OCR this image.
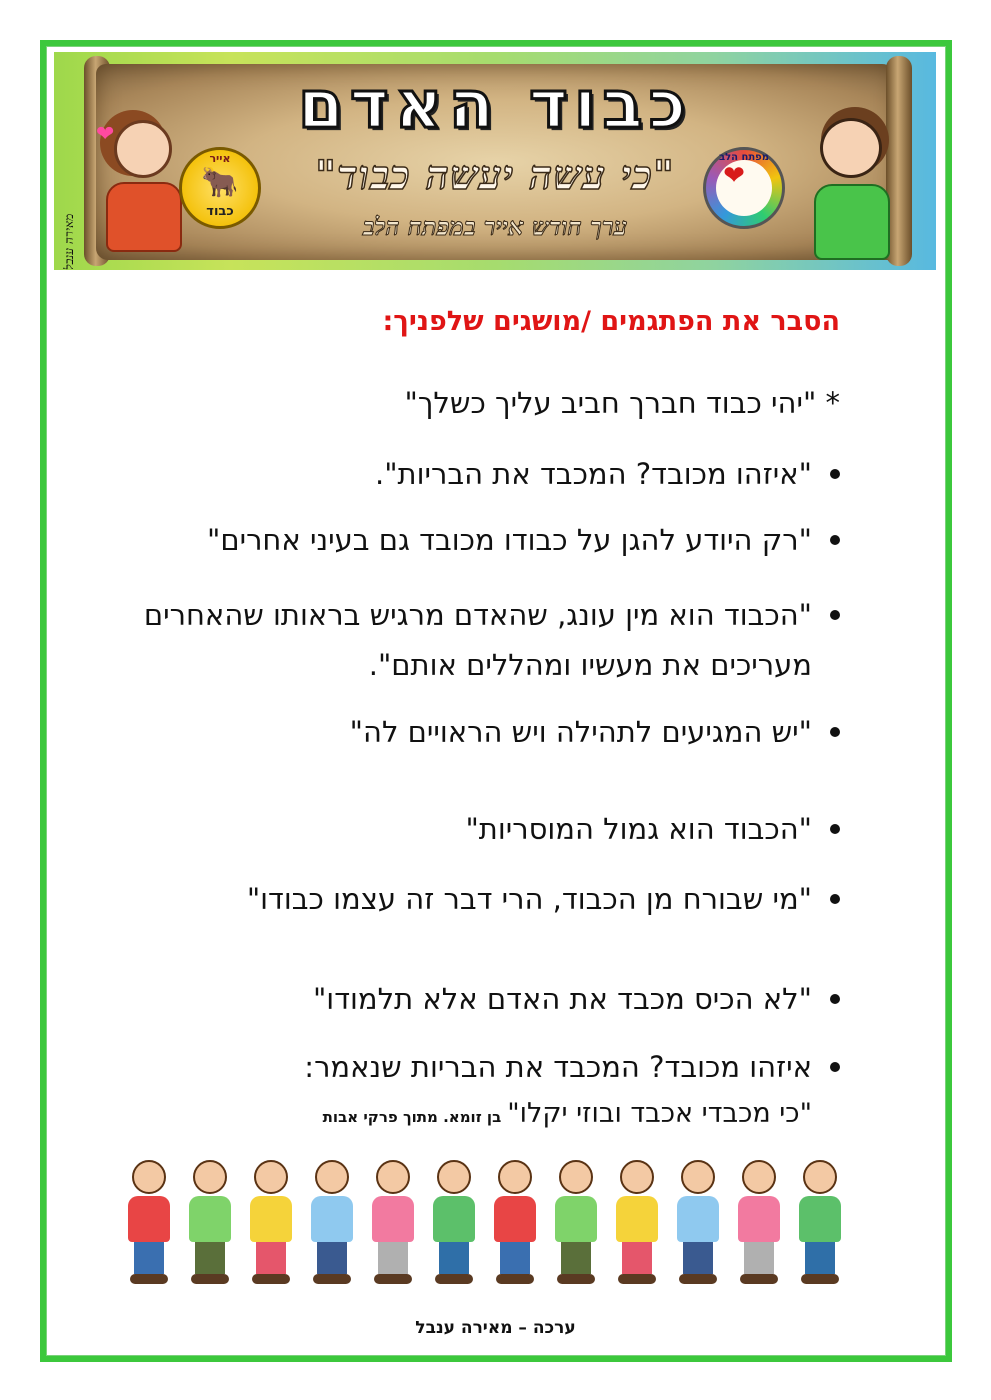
מאירה ענבל
❤
אייר
🐂
כבוד
כבוד האדם
"כי עשה יעשה כבוד"
ערך חודש אייר במפתח הלב
מפתח הלב
❤
הסבר את הפתגמים /מושגים שלפניך:
* "יהי כבוד חברך חביב עליך כשלך"
"איזהו מכובד? המכבד את הבריות".
"רק היודע להגן על כבודו מכובד גם בעיני אחרים"
"הכבוד הוא מין עונג, שהאדם מרגיש בראותו שהאחרים מעריכים את מעשיו ומהללים אותם".
"יש המגיעים לתהילה ויש הראויים לה"
"הכבוד הוא גמול המוסריות"
"מי שבורח מן הכבוד, הרי דבר זה עצמו כבודו"
"לא הכיס מכבד את האדם אלא תלמודו"
איזהו מכובד? המכבד את הבריות שנאמר:
"כי מכבדי אכבד ובוזי יקלו"בן זומא. מתוך פרקי אבות
ערכה – מאירה ענבל
